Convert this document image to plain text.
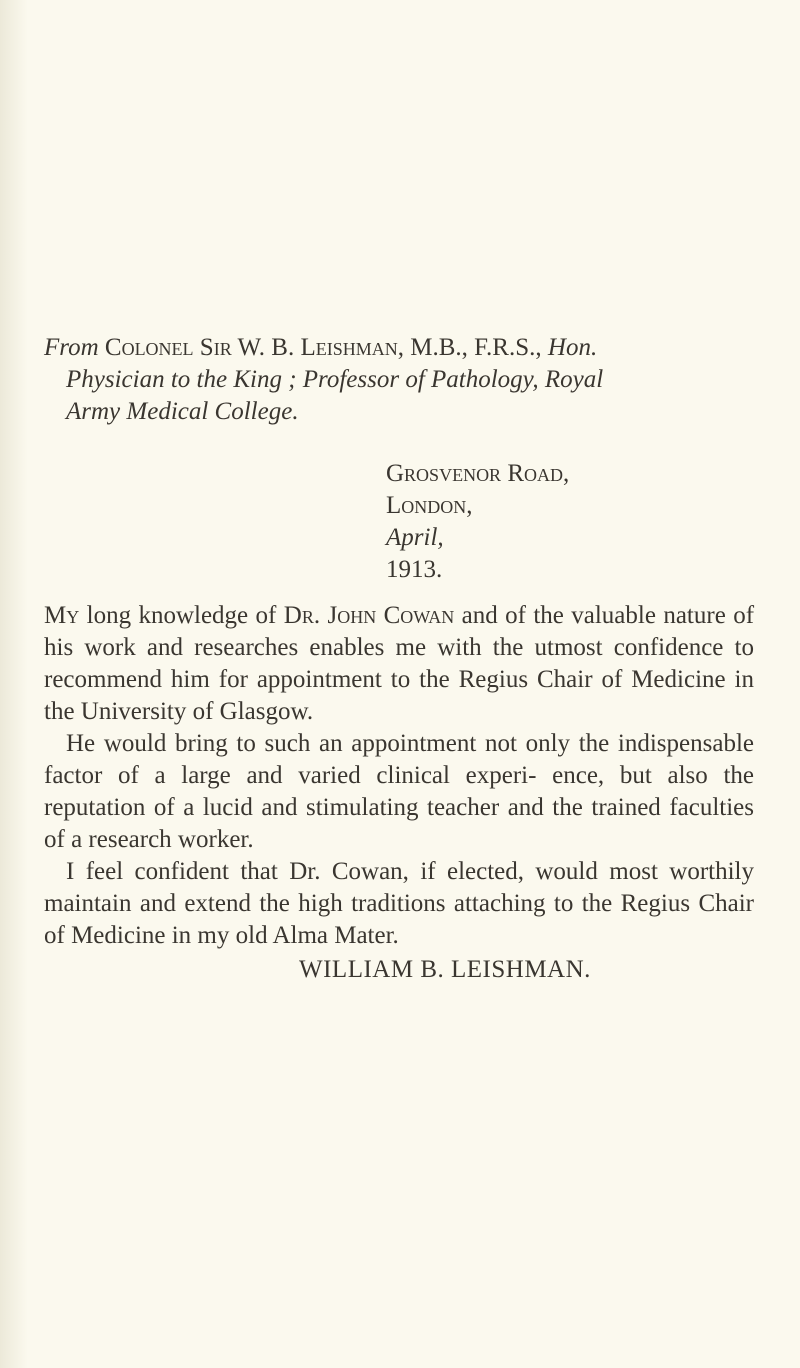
From Colonel Sir W. B. Leishman, M.B., F.R.S., Hon.
Physician to the King ; Professor of Pathology, Royal
Army Medical College.
Grosvenor Road,
London,
April,
1913.

My long knowledge of Dr. John Cowan and of the valuable nature of his work and researches enables me with the utmost confidence to recommend him for appointment to the Regius Chair of Medicine in the University of Glasgow.

He would bring to such an appointment not only the indispensable factor of a large and varied clinical experi- ence, but also the reputation of a lucid and stimulating teacher and the trained faculties of a research worker.

I feel confident that Dr. Cowan, if elected, would most worthily maintain and extend the high traditions attaching to the Regius Chair of Medicine in my old Alma Mater.

WILLIAM B. LEISHMAN.
